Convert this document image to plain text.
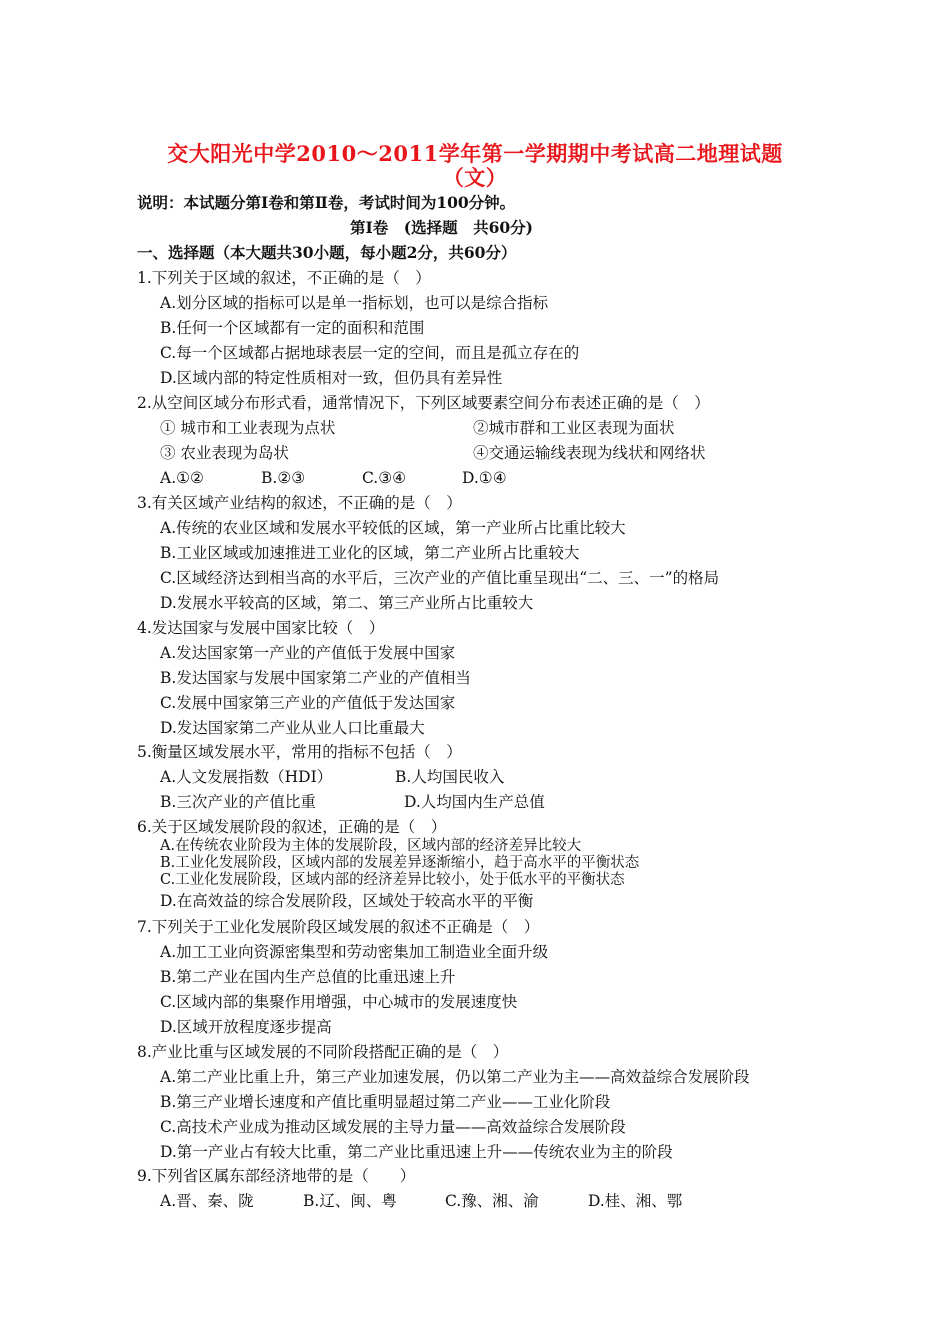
交大阳光中学2010～2011学年第一学期期中考试高二地理试题
（文）
说明：本试题分第Ⅰ卷和第Ⅱ卷，考试时间为100分钟。
第Ⅰ卷　(选择题　共60分)
一、选择题（本大题共30小题，每小题2分，共60分）
1.下列关于区域的叙述，不正确的是（　）
A.划分区域的指标可以是单一指标划，也可以是综合指标
B.任何一个区域都有一定的面积和范围
C.每一个区域都占据地球表层一定的空间，而且是孤立存在的
D.区域内部的特定性质相对一致，但仍具有差异性
2.从空间区域分布形式看，通常情况下，下列区域要素空间分布表述正确的是（　）
① 城市和工业表现为点状	②城市群和工业区表现为面状
③ 农业表现为岛状	④交通运输线表现为线状和网络状
A.①②	B.②③	C.③④	D.①④
3.有关区域产业结构的叙述，不正确的是（　）
A.传统的农业区域和发展水平较低的区域，第一产业所占比重比较大
B.工业区域或加速推进工业化的区域，第二产业所占比重较大
C.区域经济达到相当高的水平后，三次产业的产值比重呈现出“二、三、一”的格局
D.发展水平较高的区域，第二、第三产业所占比重较大
4.发达国家与发展中国家比较（　）
A.发达国家第一产业的产值低于发展中国家
B.发达国家与发展中国家第二产业的产值相当
C.发展中国家第三产业的产值低于发达国家
D.发达国家第二产业从业人口比重最大
5.衡量区域发展水平，常用的指标不包括（　）
A.人文发展指数（HDI）	B.人均国民收入
B.三次产业的产值比重	D.人均国内生产总值
6.关于区域发展阶段的叙述，正确的是（　）
A.在传统农业阶段为主体的发展阶段，区域内部的经济差异比较大
B.工业化发展阶段，区域内部的发展差异逐渐缩小，趋于高水平的平衡状态
C.工业化发展阶段，区域内部的经济差异比较小，处于低水平的平衡状态
D.在高效益的综合发展阶段，区域处于较高水平的平衡
7.下列关于工业化发展阶段区域发展的叙述不正确是（　）
A.加工工业向资源密集型和劳动密集加工制造业全面升级
B.第二产业在国内生产总值的比重迅速上升
C.区域内部的集聚作用增强，中心城市的发展速度快
D.区域开放程度逐步提高
8.产业比重与区域发展的不同阶段搭配正确的是（　）
A.第二产业比重上升，第三产业加速发展，仍以第二产业为主——高效益综合发展阶段
B.第三产业增长速度和产值比重明显超过第二产业——工业化阶段
C.高技术产业成为推动区域发展的主导力量——高效益综合发展阶段
D.第一产业占有较大比重，第二产业比重迅速上升——传统农业为主的阶段
9.下列省区属东部经济地带的是（　　）
A.晋、秦、陇	B.辽、闽、粤	C.豫、湘、渝	D.桂、湘、鄂
